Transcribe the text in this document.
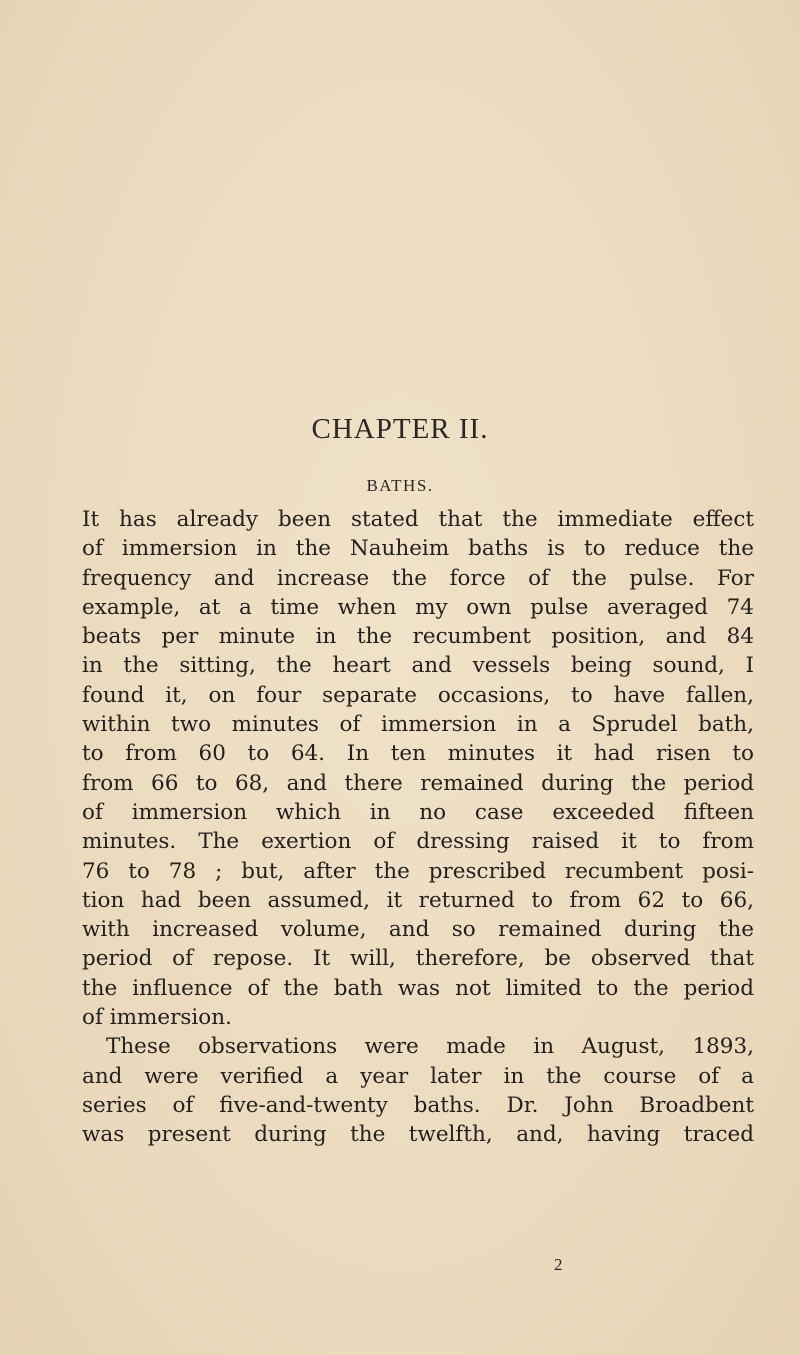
CHAPTER II.
BATHS.
It has already been stated that the immediate effect
of immersion in the Nauheim baths is to reduce the
frequency and increase the force of the pulse. For
example, at a time when my own pulse averaged 74
beats per minute in the recumbent position, and 84
in the sitting, the heart and vessels being sound, I
found it, on four separate occasions, to have fallen,
within two minutes of immersion in a Sprudel bath,
to from 60 to 64. In ten minutes it had risen to
from 66 to 68, and there remained during the period
of immersion which in no case exceeded fifteen
minutes. The exertion of dressing raised it to from
76 to 78 ; but, after the prescribed recumbent posi-
tion had been assumed, it returned to from 62 to 66,
with increased volume, and so remained during the
period of repose. It will, therefore, be observed that
the influence of the bath was not limited to the period
of immersion.
These observations were made in August, 1893,
and were verified a year later in the course of a
series of five-and-twenty baths. Dr. John Broadbent
was present during the twelfth, and, having traced
2
